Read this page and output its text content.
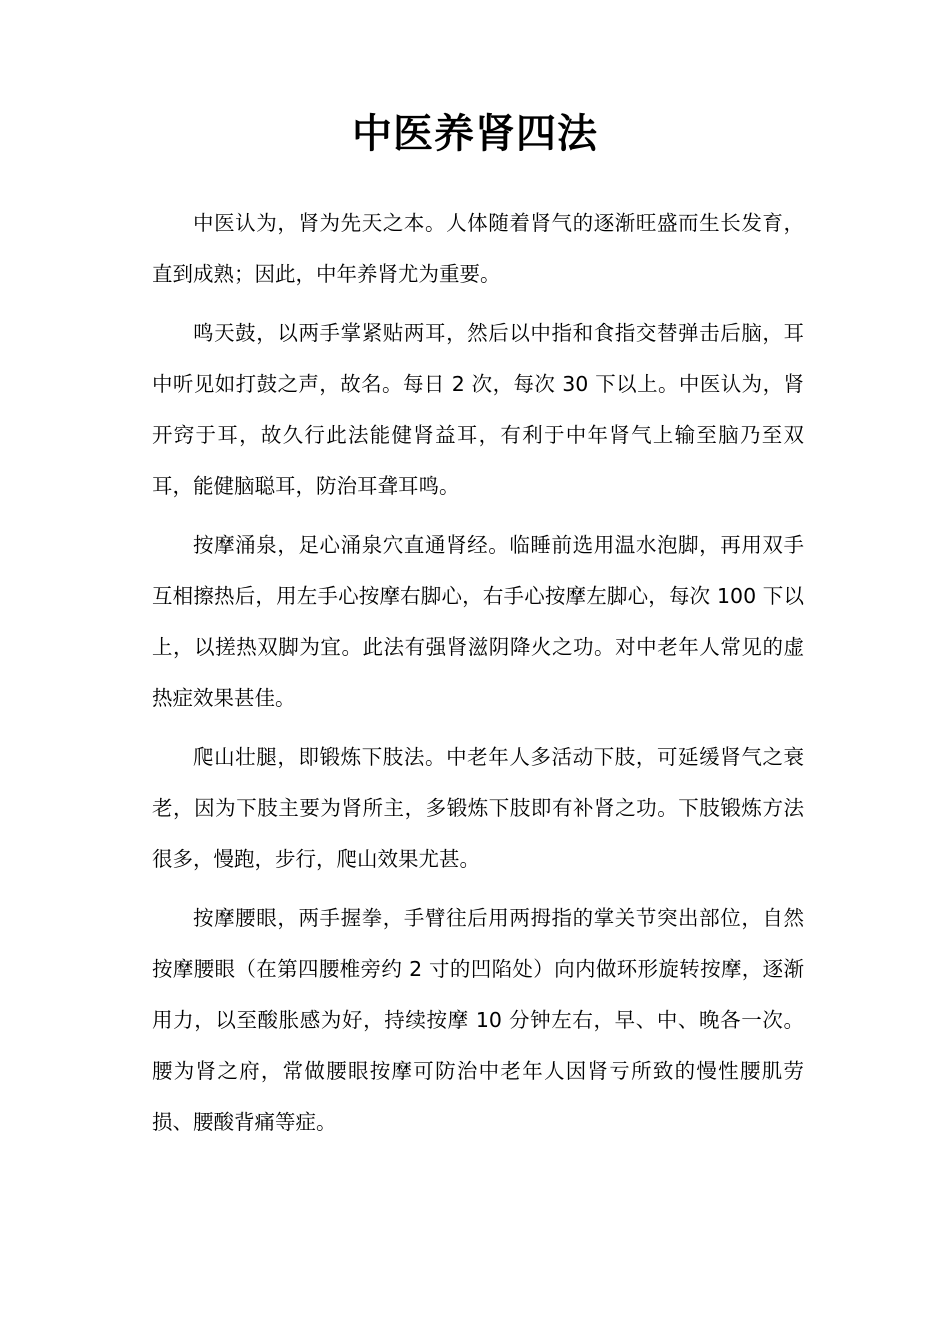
中医养肾四法

中医认为，肾为先天之本。人体随着肾气的逐渐旺盛而生长发育，直到成熟；因此，中年养肾尤为重要。

鸣天鼓，以两手掌紧贴两耳，然后以中指和食指交替弹击后脑，耳中听见如打鼓之声，故名。每日 2 次，每次 30 下以上。中医认为，肾开窍于耳，故久行此法能健肾益耳，有利于中年肾气上输至脑乃至双耳，能健脑聪耳，防治耳聋耳鸣。

按摩涌泉，足心涌泉穴直通肾经。临睡前选用温水泡脚，再用双手互相擦热后，用左手心按摩右脚心，右手心按摩左脚心，每次 100 下以上，以搓热双脚为宜。此法有强肾滋阴降火之功。对中老年人常见的虚热症效果甚佳。

爬山壮腿，即锻炼下肢法。中老年人多活动下肢，可延缓肾气之衰老，因为下肢主要为肾所主，多锻炼下肢即有补肾之功。下肢锻炼方法很多，慢跑，步行，爬山效果尤甚。

按摩腰眼，两手握拳，手臂往后用两拇指的掌关节突出部位，自然按摩腰眼（在第四腰椎旁约 2 寸的凹陷处）向内做环形旋转按摩，逐渐用力，以至酸胀感为好，持续按摩 10 分钟左右，早、中、晚各一次。腰为肾之府，常做腰眼按摩可防治中老年人因肾亏所致的慢性腰肌劳损、腰酸背痛等症。
